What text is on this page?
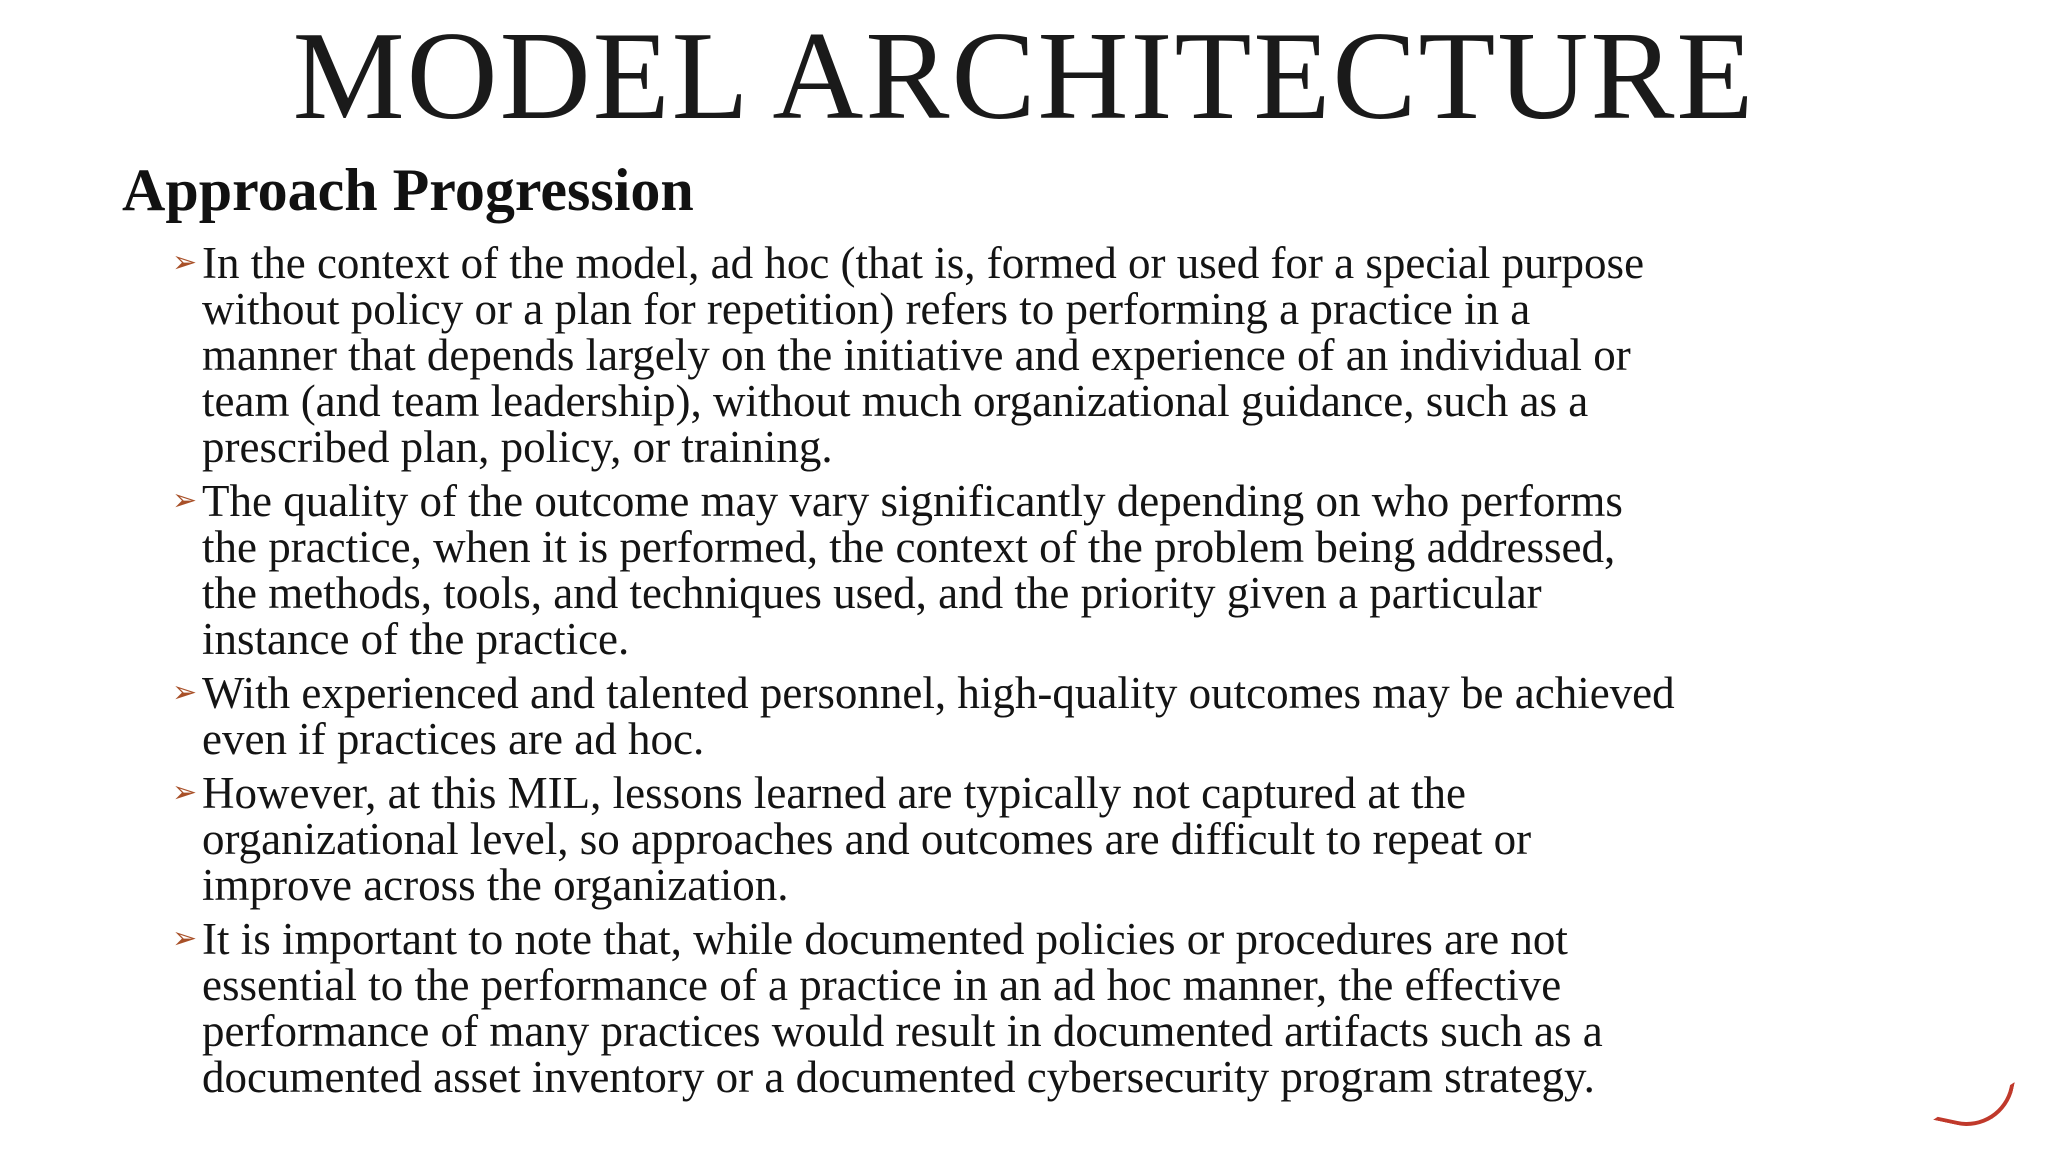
MODEL ARCHITECTURE
Approach Progression
➢ In the context of the model, ad hoc (that is, formed or used for a special purpose
without policy or a plan for repetition) refers to performing a practice in a
manner that depends largely on the initiative and experience of an individual or
team (and team leadership), without much organizational guidance, such as a
prescribed plan, policy, or training.
➢ The quality of the outcome may vary significantly depending on who performs
the practice, when it is performed, the context of the problem being addressed,
the methods, tools, and techniques used, and the priority given a particular
instance of the practice.
➢ With experienced and talented personnel, high-quality outcomes may be achieved
even if practices are ad hoc.
➢ However, at this MIL, lessons learned are typically not captured at the
organizational level, so approaches and outcomes are difficult to repeat or
improve across the organization.
➢ It is important to note that, while documented policies or procedures are not
essential to the performance of a practice in an ad hoc manner, the effective
performance of many practices would result in documented artifacts such as a
documented asset inventory or a documented cybersecurity program strategy.
